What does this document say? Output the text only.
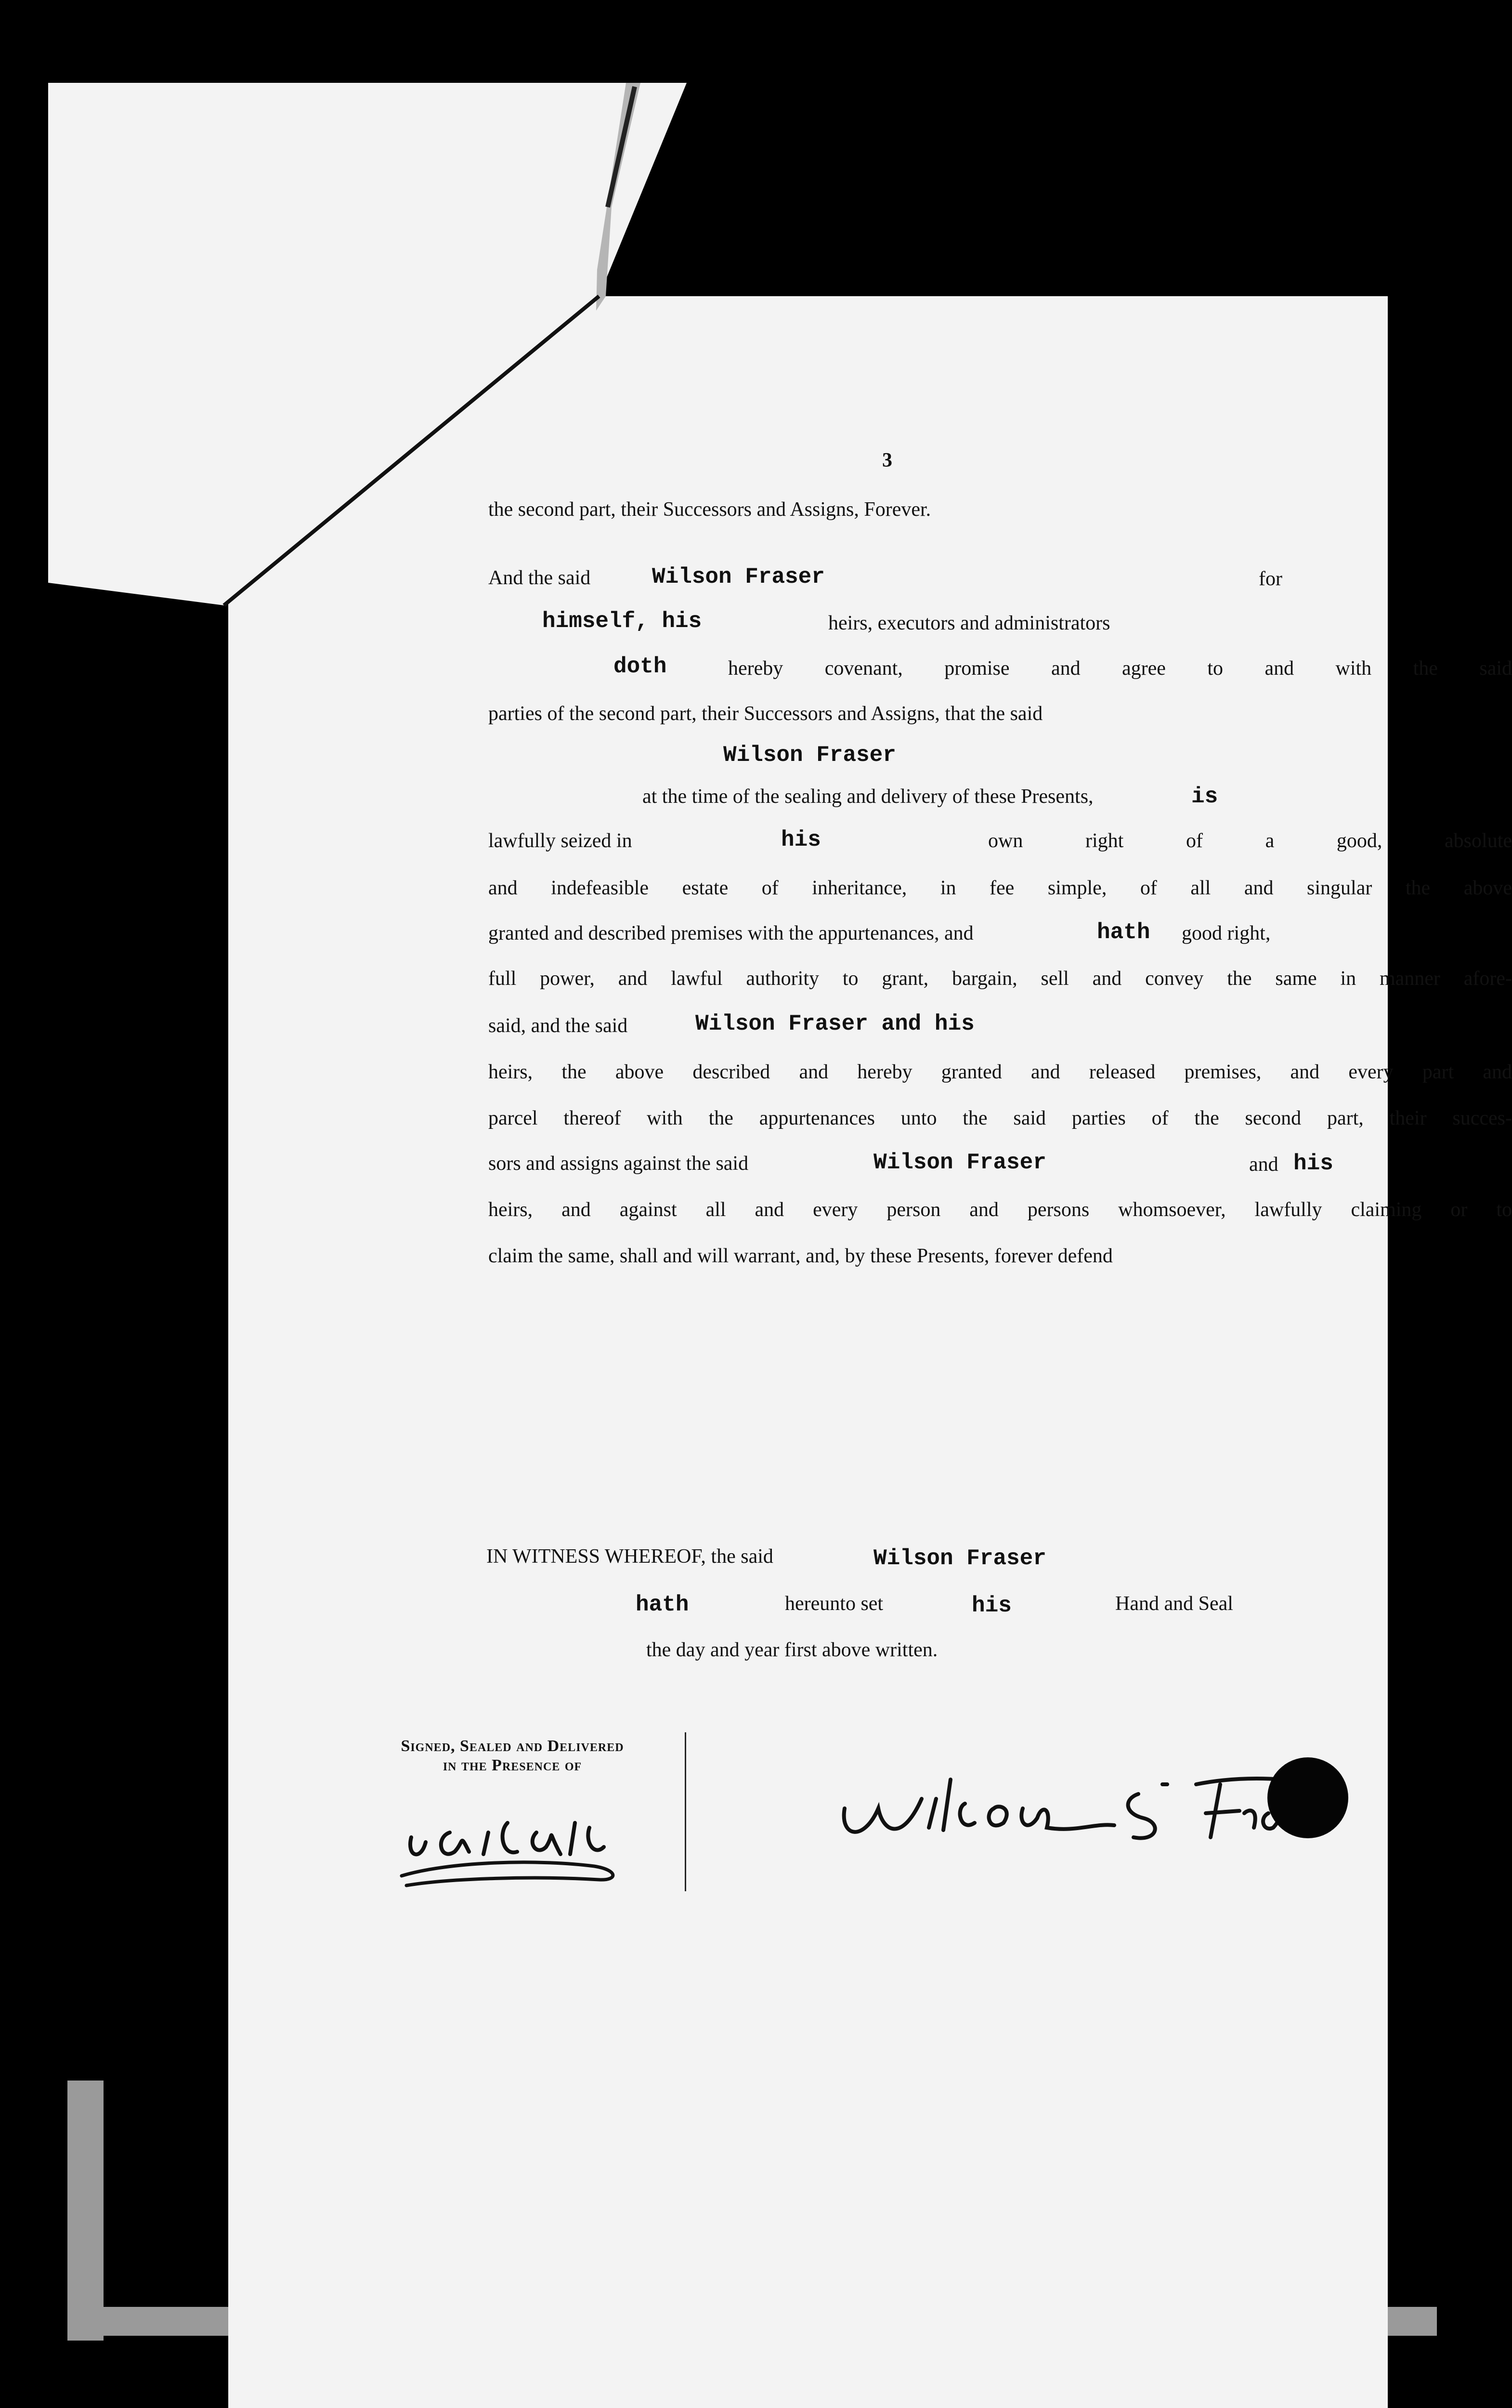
3
the second part, their Successors and Assigns, Forever.
And the said	Wilson Fraser	for
himself, his	heirs, executors and administrators
doth	hereby covenant, promise and agree to and with the said
parties of the second part, their Successors and Assigns, that the said
Wilson Fraser
at the time of the sealing and delivery of these Presents,	is
lawfully seized in	his	own right of a good, absolute
and indefeasible estate of inheritance, in fee simple, of all and singular the above
granted and described premises with the appurtenances, and	hath good right,
full power, and lawful authority to grant, bargain, sell and convey the same in manner afore-
said, and the said	Wilson Fraser and his
heirs, the above described and hereby granted and released premises, and every part and
parcel thereof with the appurtenances unto the said parties of the second part, their succes-
sors and assigns against the said	Wilson Fraser	and his
heirs, and against all and every person and persons whomsoever, lawfully claiming or to
claim the same, shall and will warrant, and, by these Presents, forever defend
IN WITNESS WHEREOF, the said	Wilson Fraser
hath	hereunto set	his	Hand and Seal
the day and year first above written.
Signed, Sealed and Delivered
in the Presence of
